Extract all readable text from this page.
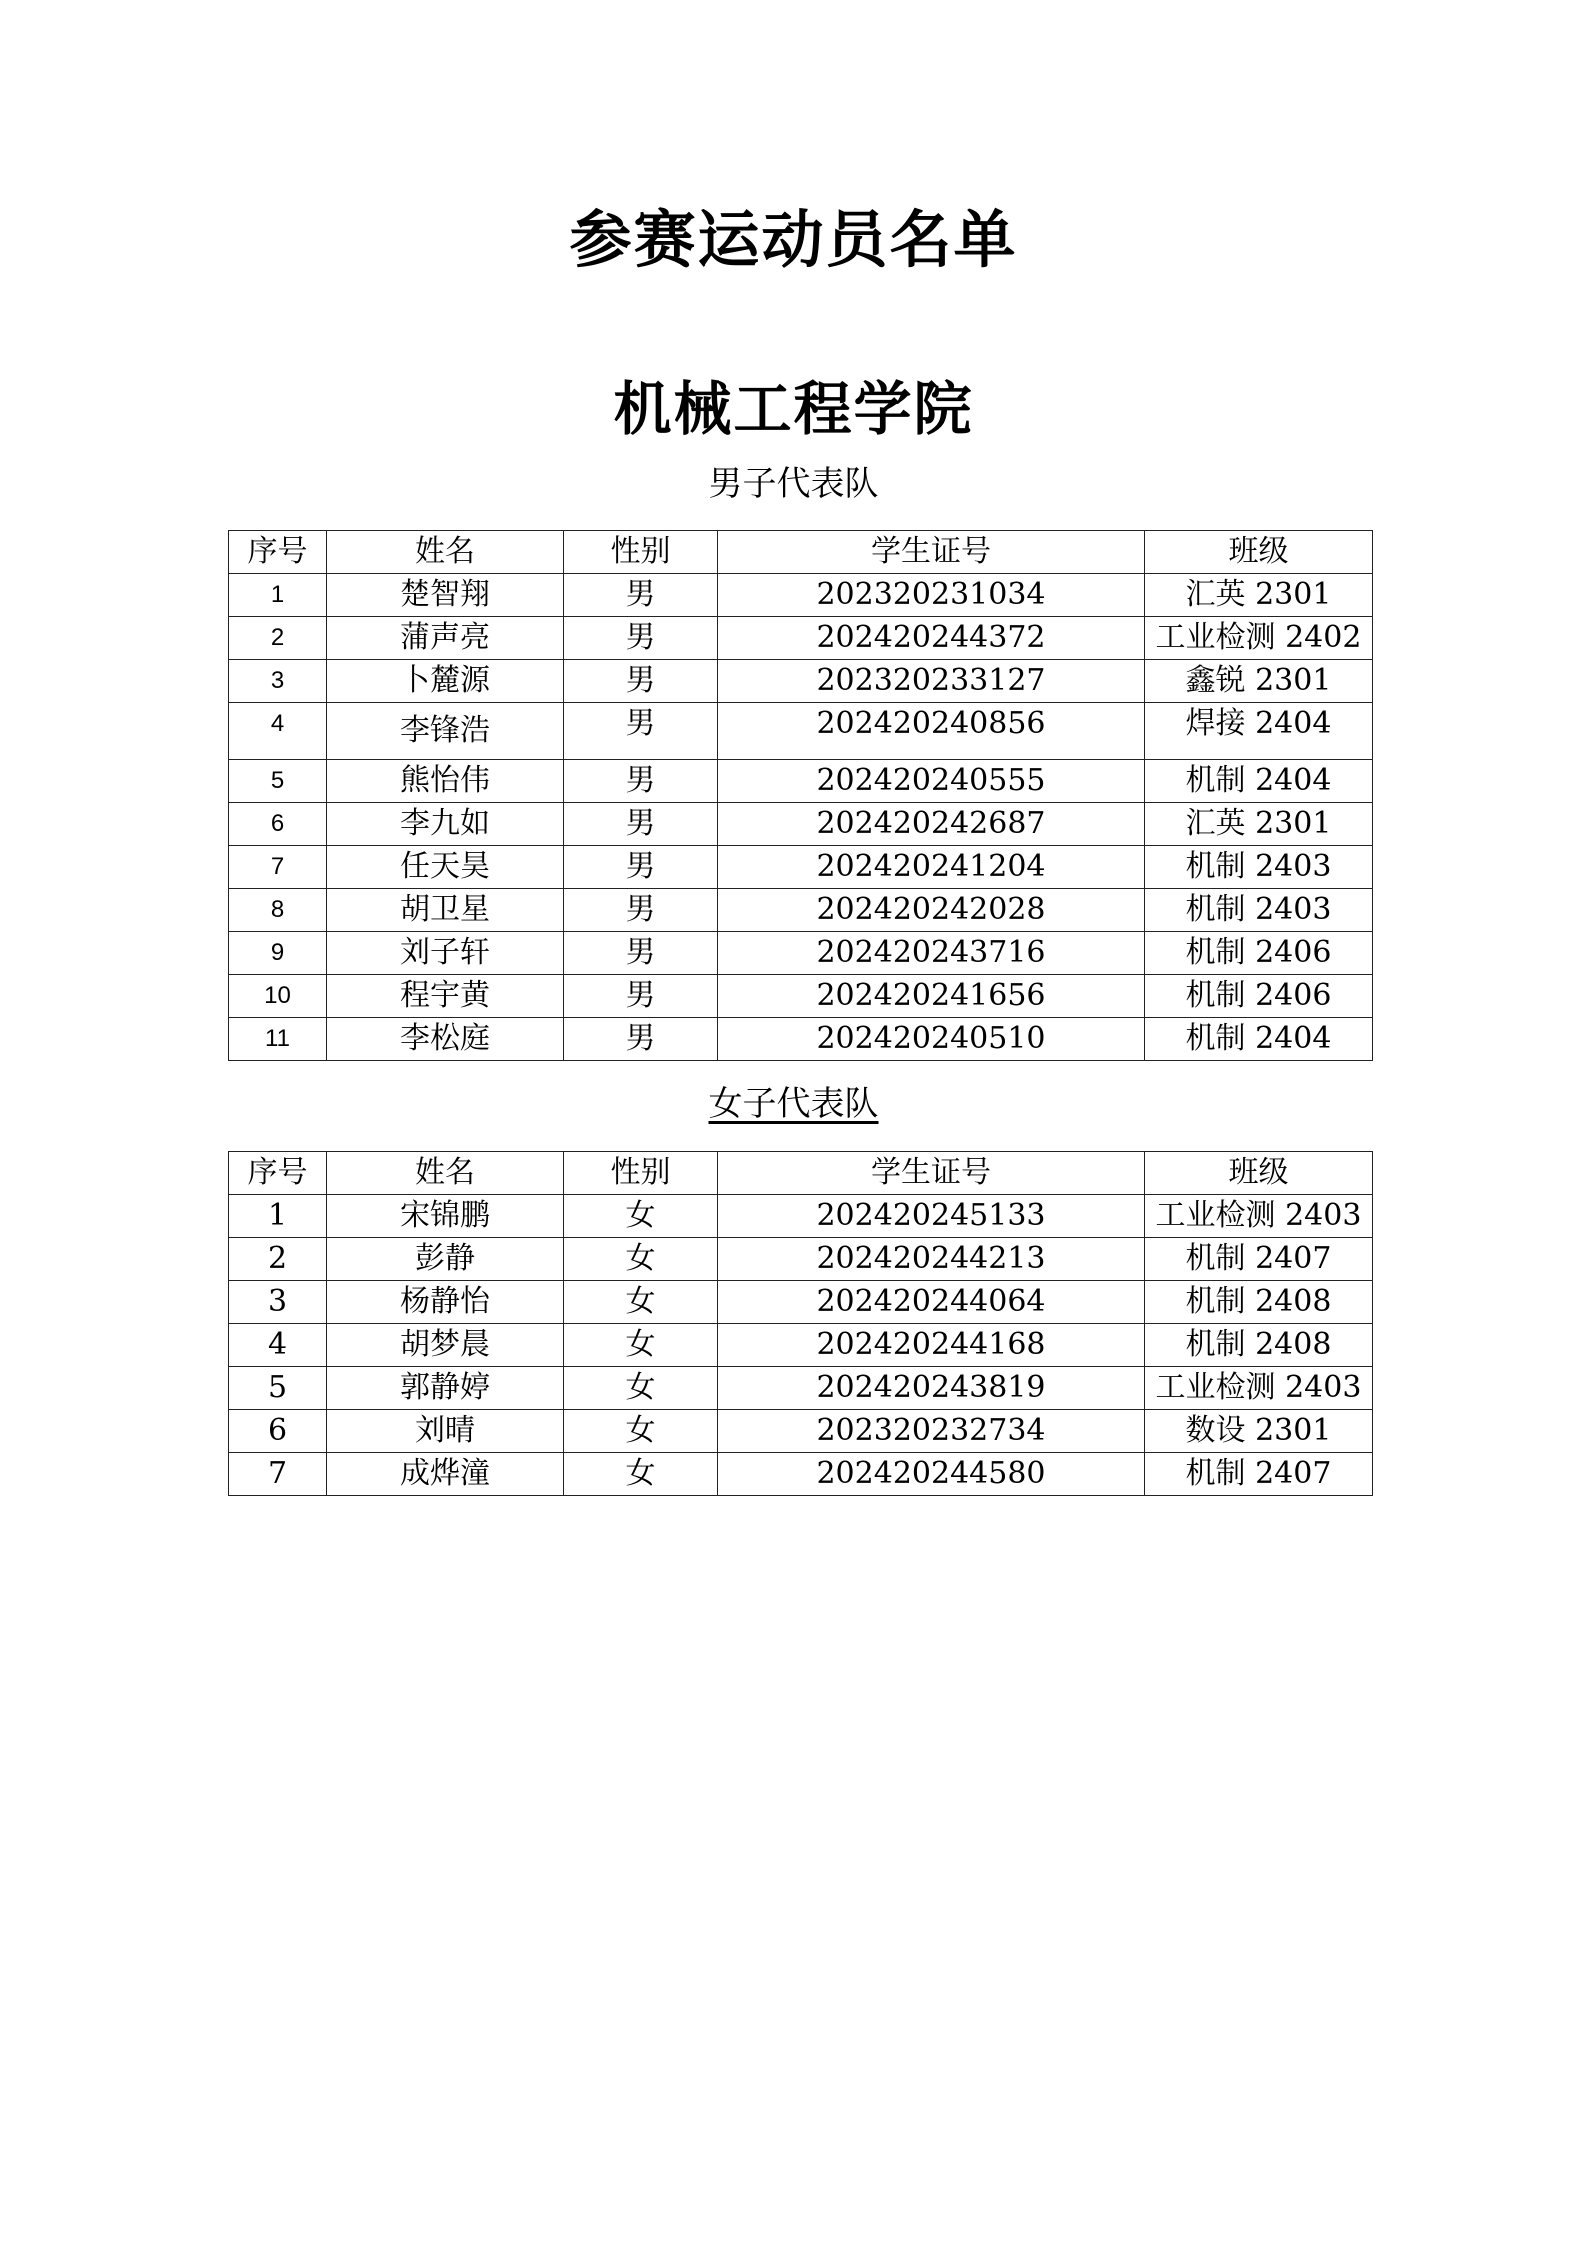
参赛运动员名单
机械工程学院
男子代表队
序号	姓名	性别	学生证号	班级
1	楚智翔	男	202320231034	汇英 2301
2	蒲声亮	男	202420244372	工业检测 2402
3	卜麓源	男	202320233127	鑫锐 2301
4	李锋浩	男	202420240856	焊接 2404
5	熊怡伟	男	202420240555	机制 2404
6	李九如	男	202420242687	汇英 2301
7	任天昊	男	202420241204	机制 2403
8	胡卫星	男	202420242028	机制 2403
9	刘子轩	男	202420243716	机制 2406
10	程宇黄	男	202420241656	机制 2406
11	李松庭	男	202420240510	机制 2404
女子代表队
序号	姓名	性别	学生证号	班级
1	宋锦鹏	女	202420245133	工业检测 2403
2	彭静	女	202420244213	机制 2407
3	杨静怡	女	202420244064	机制 2408
4	胡梦晨	女	202420244168	机制 2408
5	郭静婷	女	202420243819	工业检测 2403
6	刘晴	女	202320232734	数设 2301
7	成烨潼	女	202420244580	机制 2407
